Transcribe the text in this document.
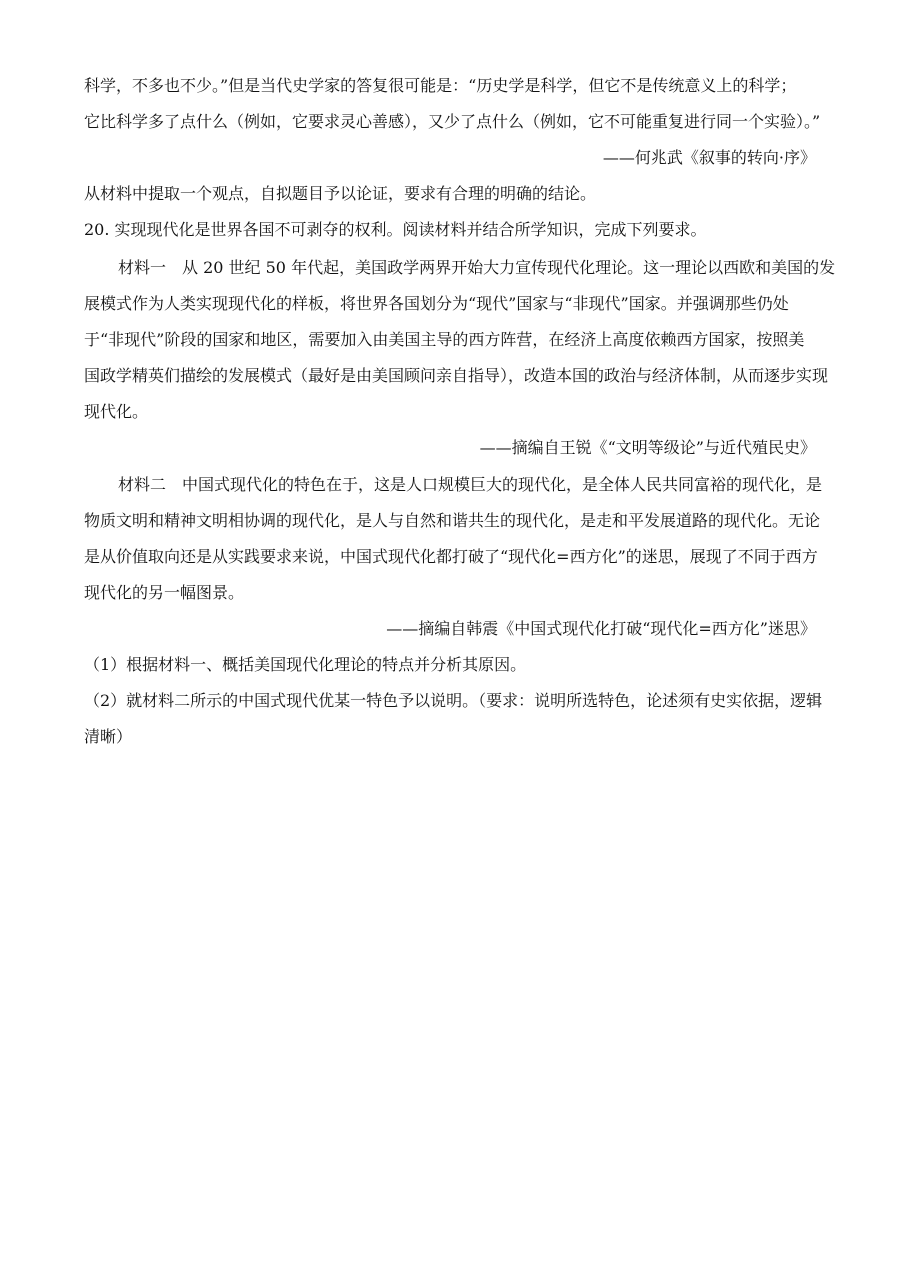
科学，不多也不少。”但是当代史学家的答复很可能是：“历史学是科学，但它不是传统意义上的科学；
它比科学多了点什么（例如，它要求灵心善感），又少了点什么（例如，它不可能重复进行同一个实验）。”
——何兆武《叙事的转向·序》
从材料中提取一个观点，自拟题目予以论证，要求有合理的明确的结论。
20. 实现现代化是世界各国不可剥夺的权利。阅读材料并结合所学知识，完成下列要求。
材料一　从 20 世纪 50 年代起，美国政学两界开始大力宣传现代化理论。这一理论以西欧和美国的发
展模式作为人类实现现代化的样板，将世界各国划分为“现代”国家与“非现代”国家。并强调那些仍处
于“非现代”阶段的国家和地区，需要加入由美国主导的西方阵营，在经济上高度依赖西方国家，按照美
国政学精英们描绘的发展模式（最好是由美国顾问亲自指导），改造本国的政治与经济体制，从而逐步实现
现代化。
——摘编自王锐《“文明等级论”与近代殖民史》
材料二　中国式现代化的特色在于，这是人口规模巨大的现代化，是全体人民共同富裕的现代化，是
物质文明和精神文明相协调的现代化，是人与自然和谐共生的现代化，是走和平发展道路的现代化。无论
是从价值取向还是从实践要求来说，中国式现代化都打破了“现代化=西方化”的迷思，展现了不同于西方
现代化的另一幅图景。
——摘编自韩震《中国式现代化打破“现代化=西方化”迷思》
（1）根据材料一、概括美国现代化理论的特点并分析其原因。
（2）就材料二所示的中国式现代优某一特色予以说明。（要求：说明所选特色，论述须有史实依据，逻辑
清晰）
